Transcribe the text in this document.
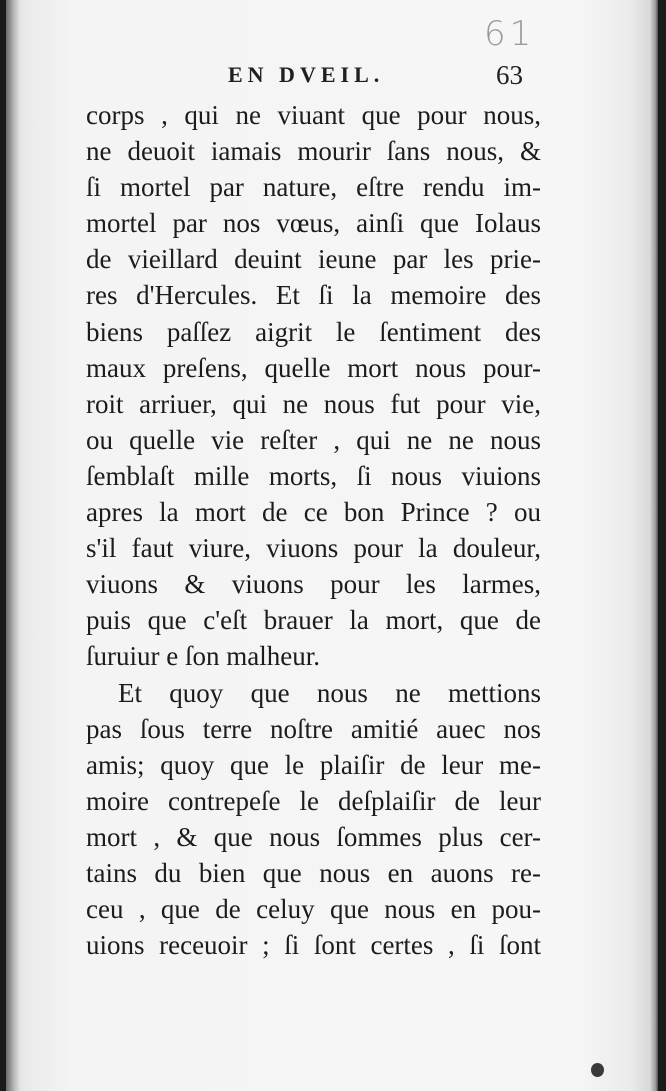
61
EN DVEIL.	63
corps , qui ne viuant que pour nous,
ne deuoit iamais mourir ſans nous, &
ſi mortel par nature, eſtre rendu im-
mortel par nos vœus, ainſi que Iolaus
de vieillard deuint ieune par les prie-
res d'Hercules. Et ſi la memoire des
biens paſſez aigrit le ſentiment des
maux preſens, quelle mort nous pour-
roit arriuer, qui ne nous fut pour vie,
ou quelle vie reſter , qui ne ne nous
ſemblaſt mille morts, ſi nous viuions
apres la mort de ce bon Prince ? ou
s'il faut viure, viuons pour la douleur,
viuons & viuons pour les larmes,
puis que c'eſt brauer la mort, que de
ſuruiur e ſon malheur.
Et quoy que nous ne mettions
pas ſous terre noſtre amitié auec nos
amis; quoy que le plaiſir de leur me-
moire contrepeſe le deſplaiſir de leur
mort , & que nous ſommes plus cer-
tains du bien que nous en auons re-
ceu , que de celuy que nous en pou-
uions receuoir ; ſi ſont certes , ſi ſont
